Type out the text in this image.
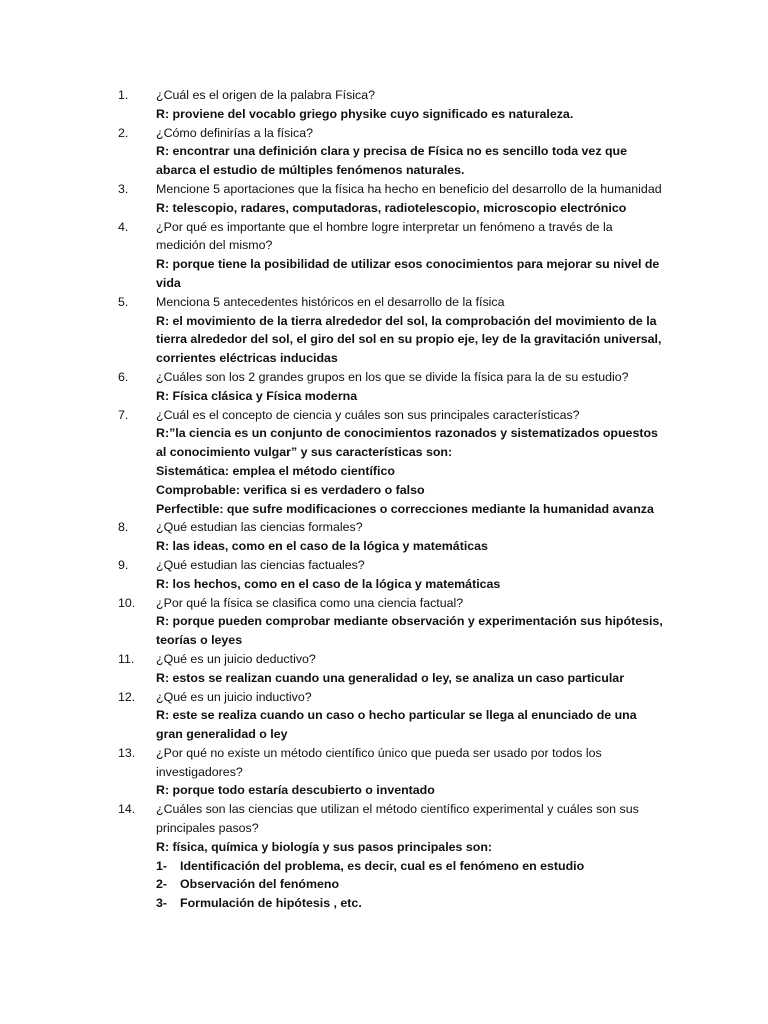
1.	¿Cuál es el origen de la palabra Física?
R: proviene del vocablo griego physike cuyo significado es naturaleza.
2.	¿Cómo definirías a la física?
R: encontrar una definición clara y precisa de Física no es sencillo toda vez que abarca el estudio de múltiples fenómenos naturales.
3.	Mencione 5 aportaciones que la física ha hecho en beneficio del desarrollo de la humanidad
R: telescopio, radares, computadoras, radiotelescopio, microscopio electrónico
4.	¿Por qué es importante que el hombre logre interpretar un fenómeno a través de la medición del mismo?
R: porque tiene la posibilidad de utilizar esos conocimientos para mejorar su nivel de vida
5.	Menciona 5 antecedentes históricos en el desarrollo de la física
R: el movimiento de la tierra alrededor del sol, la comprobación del movimiento de la tierra alrededor del sol, el giro del sol en su propio eje, ley de la gravitación universal, corrientes eléctricas inducidas
6.	¿Cuáles son los 2 grandes grupos en los que se divide la física para la de su estudio?
R: Física clásica y Física moderna
7.	¿Cuál es el concepto de ciencia y cuáles son sus principales características?
R:”la ciencia es un conjunto de conocimientos razonados y sistematizados opuestos al conocimiento vulgar” y sus características son:
Sistemática: emplea el método científico
Comprobable: verifica si es verdadero o falso
Perfectible: que sufre modificaciones o correcciones mediante la humanidad avanza
8.	¿Qué estudian las ciencias formales?
R: las ideas, como en el caso de la lógica y matemáticas
9.	¿Qué estudian las ciencias factuales?
R: los hechos, como en el caso de la lógica y matemáticas
10.	¿Por qué la física se clasifica como una ciencia factual?
R: porque pueden comprobar mediante observación y experimentación sus hipótesis, teorías o leyes
11.	¿Qué es un juicio deductivo?
R: estos se realizan cuando una generalidad o ley, se analiza un caso particular
12.	¿Qué es un juicio inductivo?
R: este se realiza cuando un caso o hecho particular se llega al enunciado de una gran generalidad o ley
13.	¿Por qué no existe un método científico único que pueda ser usado por todos los investigadores?
R: porque todo estaría descubierto o inventado
14.	¿Cuáles son las ciencias que utilizan el método científico experimental y cuáles son sus principales pasos?
R: física, química y biología y sus pasos principales son:
1- Identificación del problema, es decir, cual es el fenómeno en estudio
2- Observación del fenómeno
3- Formulación de hipótesis , etc.
